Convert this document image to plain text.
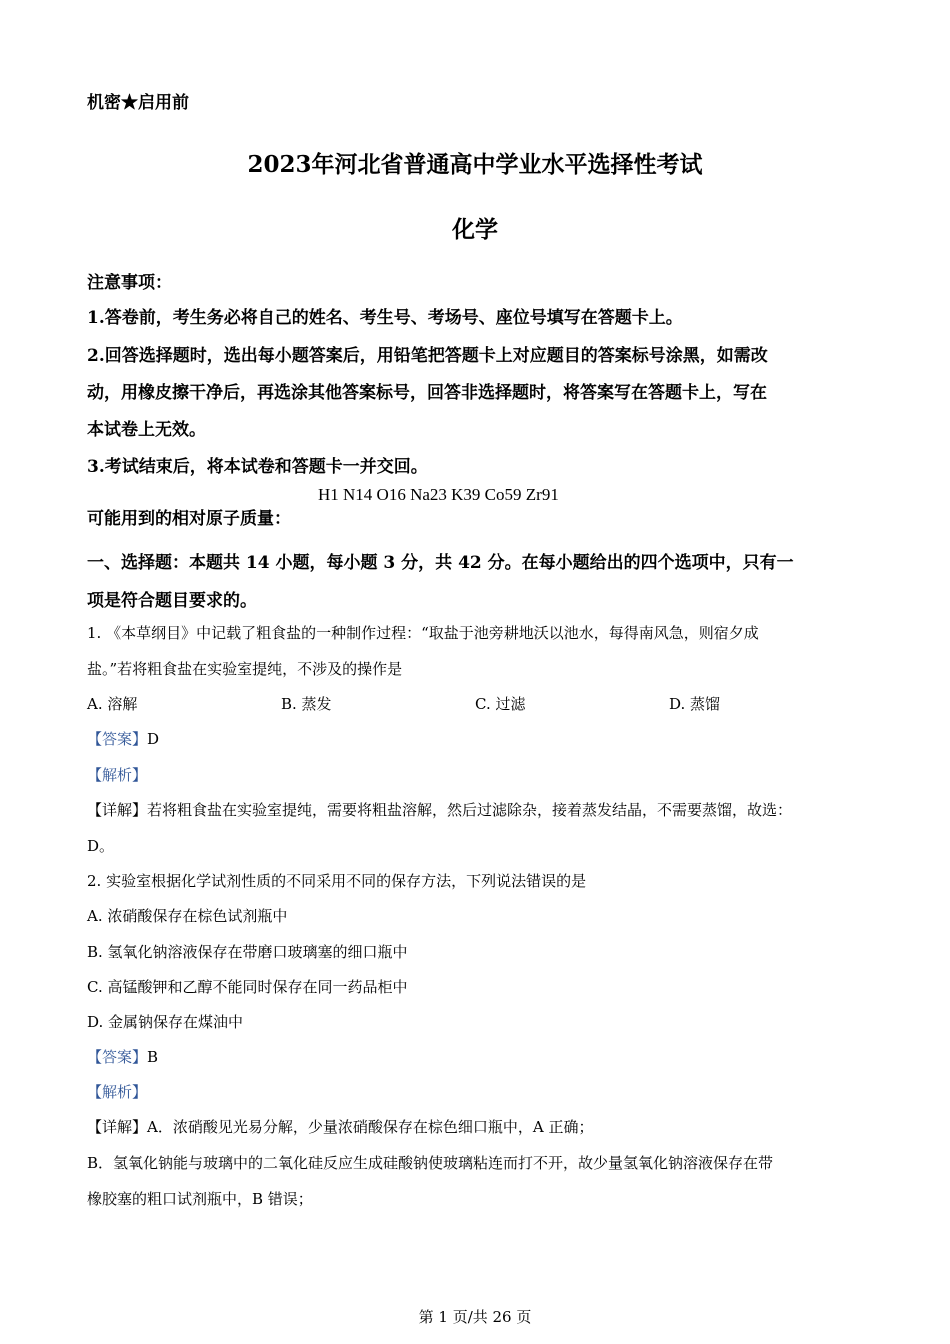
机密★启用前
2023年河北省普通高中学业水平选择性考试
化学
注意事项：
1.答卷前，考生务必将自己的姓名、考生号、考场号、座位号填写在答题卡上。
2.回答选择题时，选出每小题答案后，用铅笔把答题卡上对应题目的答案标号涂黑，如需改
动，用橡皮擦干净后，再选涂其他答案标号，回答非选择题时，将答案写在答题卡上，写在
本试卷上无效。
3.考试结束后，将本试卷和答题卡一并交回。
可能用到的相对原子质量：
H1 N14 O16 Na23 K39 Co59 Zr91
一、选择题：本题共 14 小题，每小题 3 分，共 42 分。在每小题给出的四个选项中，只有一
项是符合题目要求的。
1. 《本草纲目》中记载了粗食盐的一种制作过程：“取盐于池旁耕地沃以池水，每得南风急，则宿夕成
盐。”若将粗食盐在实验室提纯，不涉及的操作是
A. 溶解	B. 蒸发	C. 过滤	D. 蒸馏
【答案】D
【解析】
【详解】若将粗食盐在实验室提纯，需要将粗盐溶解，然后过滤除杂，接着蒸发结晶，不需要蒸馏，故选：
D。
2. 实验室根据化学试剂性质的不同采用不同的保存方法，下列说法错误的是
A. 浓硝酸保存在棕色试剂瓶中
B. 氢氧化钠溶液保存在带磨口玻璃塞的细口瓶中
C. 高锰酸钾和乙醇不能同时保存在同一药品柜中
D. 金属钠保存在煤油中
【答案】B
【解析】
【详解】A．浓硝酸见光易分解，少量浓硝酸保存在棕色细口瓶中，A 正确；
B．氢氧化钠能与玻璃中的二氧化硅反应生成硅酸钠使玻璃粘连而打不开，故少量氢氧化钠溶液保存在带
橡胶塞的粗口试剂瓶中，B 错误；
第 1 页/共 26 页
